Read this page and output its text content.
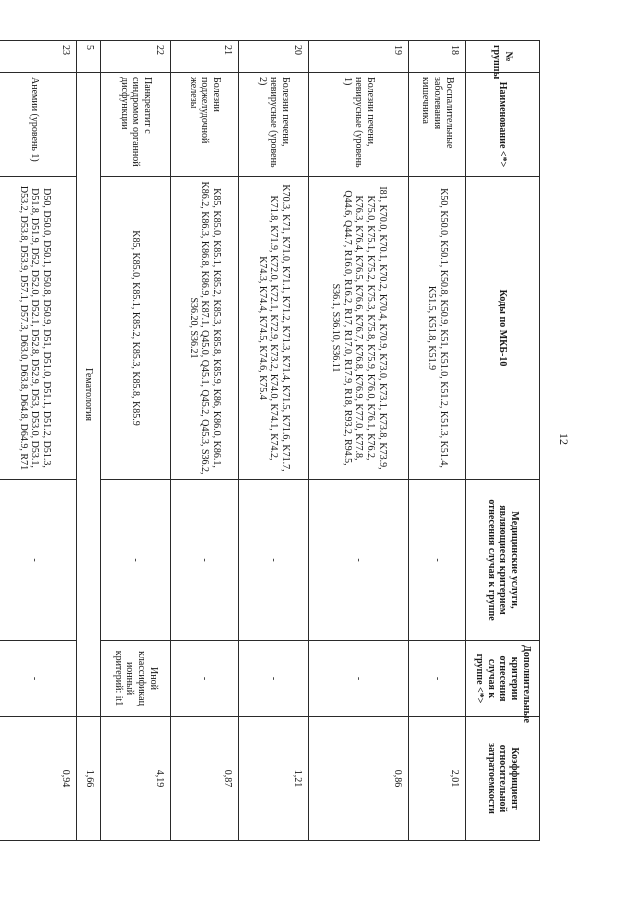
12
№ группы	Наименование <*>	Коды по МКБ-10	Медицинские услуги, являющиеся критерием отнесения случая к группе	Дополнительные критерии отнесения случая к группе <*>	Коэффициент относительной затратоемкости
18	Воспалительные заболевания кишечника	K50, K50.0, K50.1, K50.8, K50.9, K51, K51.0, K51.2, K51.3, K51.4, K51.5, K51.8, K51.9	-	-	2,01
19	Болезни печени, невирусные (уровень 1)	I81, K70.0, K70.1, K70.2, K70.4, K70.9, K73.0, K73.1, K73.8, K73.9, K75.0, K75.1, K75.2, K75.3, K75.8, K75.9, K76.0, K76.1, K76.2, K76.3, K76.4, K76.5, K76.6, K76.7, K76.8, K76.9, K77.0, K77.8, Q44.6, Q44.7, R16.0, R16.2, R17, R17.0, R17.9, R18, R93.2, R94.5, S36.1, S36.10, S36.11	-	-	0,86
20	Болезни печени, невирусные (уровень 2)	K70.3, K71, K71.0, K71.1, K71.2, K71.3, K71.4, K71.5, K71.6, K71.7, K71.8, K71.9, K72.0, K72.1, K72.9, K73.2, K74.0, K74.1, K74.2, K74.3, K74.4, K74.5, K74.6, K75.4	-	-	1,21
21	Болезни поджелудочной железы	K85, K85.0, K85.1, K85.2, K85.3, K85.8, K85.9, K86, K86.0, K86.1, K86.2, K86.3, K86.8, K86.9, K87.1, Q45.0, Q45.1, Q45.2, Q45.3, S36.2, S36.20, S36.21	-	-	0,87
22	Панкреатит с синдромом органной дисфункции	K85, K85.0, K85.1, K85.2, K85.3, K85.8, K85.9	-	Иной классификац ионный критерий: it1	4,19
5	Гематология				1,66
23	Анемии (уровень 1)	D50, D50.0, D50.1, D50.8, D50.9, D51, D51.0, D51.1, D51.2, D51.3, D51.8, D51.9, D52, D52.0, D52.1, D52.8, D52.9, D53, D53.0, D53.1, D53.2, D53.8, D53.9, D57.1, D57.3, D63.0, D63.8, D64.8, D64.9, R71	-	-	0,94
